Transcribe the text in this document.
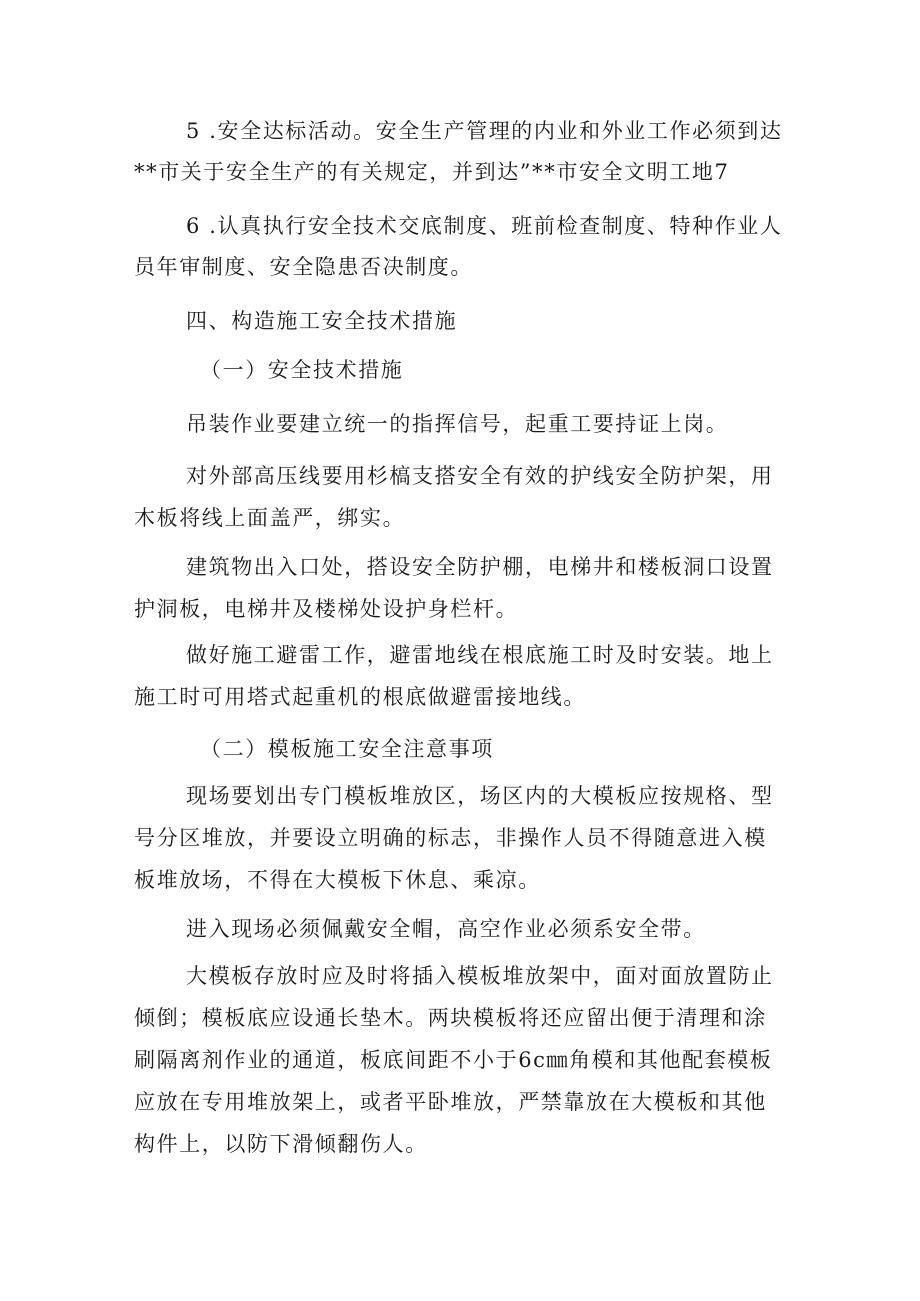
5 .安全达标活动。安全生产管理的内业和外业工作必须到达
**市关于安全生产的有关规定，并到达”**市安全文明工地7
6 .认真执行安全技术交底制度、班前检查制度、特种作业人
员年审制度、安全隐患否决制度。
四、构造施工安全技术措施
（一）安全技术措施
吊装作业要建立统一的指挥信号，起重工要持证上岗。
对外部高压线要用杉槁支搭安全有效的护线安全防护架，用
木板将线上面盖严，绑实。
建筑物出入口处，搭设安全防护棚，电梯井和楼板洞口设置
护洞板，电梯井及楼梯处设护身栏杆。
做好施工避雷工作，避雷地线在根底施工时及时安装。地上
施工时可用塔式起重机的根底做避雷接地线。
（二）模板施工安全注意事项
现场要划出专门模板堆放区，场区内的大模板应按规格、型
号分区堆放，并要设立明确的标志，非操作人员不得随意进入模
板堆放场，不得在大模板下休息、乘凉。
进入现场必须佩戴安全帽，高空作业必须系安全带。
大模板存放时应及时将插入模板堆放架中，面对面放置防止
倾倒；模板底应设通长垫木。两块模板将还应留出便于清理和涂
刷隔离剂作业的通道，板底间距不小于6c㎜角模和其他配套模板
应放在专用堆放架上，或者平卧堆放，严禁靠放在大模板和其他
构件上，以防下滑倾翻伤人。
